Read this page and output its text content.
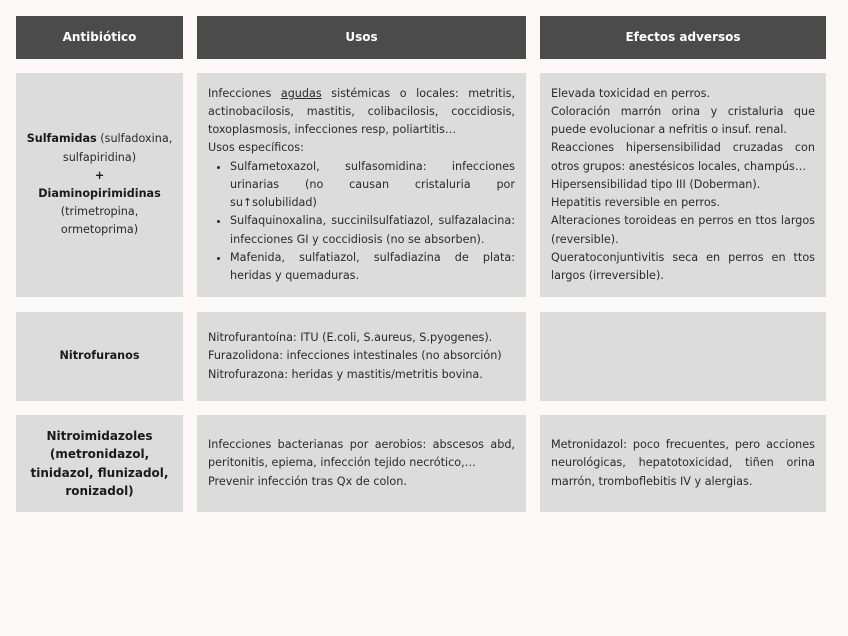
Antibiótico	Usos	Efectos adversos
Sulfamidas (sulfadoxina, sulfapiridina)
+
Diaminopirimidinas
(trimetropina, ormetoprima)

Infecciones agudas sistémicas o locales: metritis, actinobacilosis, mastitis, colibacilosis, coccidiosis, toxoplasmosis, infecciones resp, poliartitis…

Usos específicos:

• Sulfametoxazol, sulfasomidina: infecciones urinarias (no causan cristaluria por su↑solubilidad)
• Sulfaquinoxalina, succinilsulfatiazol, sulfazalacina: infecciones GI y coccidiosis (no se absorben).
• Mafenida, sulfatiazol, sulfadiazina de plata: heridas y quemaduras.

Elevada toxicidad en perros.

Coloración marrón orina y cristaluria que puede evolucionar a nefritis o insuf. renal.

Reacciones hipersensibilidad cruzadas con otros grupos: anestésicos locales, champús…

Hipersensibilidad tipo III (Doberman).

Hepatitis reversible en perros.

Alteraciones toroideas en perros en ttos largos (reversible).

Queratoconjuntivitis seca en perros en ttos largos (irreversible).

Nitrofuranos

Nitrofurantoína: ITU (E.coli, S.aureus, S.pyogenes).

Furazolidona: infecciones intestinales (no absorción)

Nitrofurazona: heridas y mastitis/metritis bovina.

Nitroimidazoles
(metronidazol, tinidazol, flunizadol, ronizadol)

Infecciones bacterianas por aerobios: abscesos abd, peritonitis, epiema, infección tejido necrótico,…

Prevenir infección tras Qx de colon.

Metronidazol: poco frecuentes, pero acciones neurológicas, hepatotoxicidad, tiñen orina marrón, tromboflebitis IV y alergias.
